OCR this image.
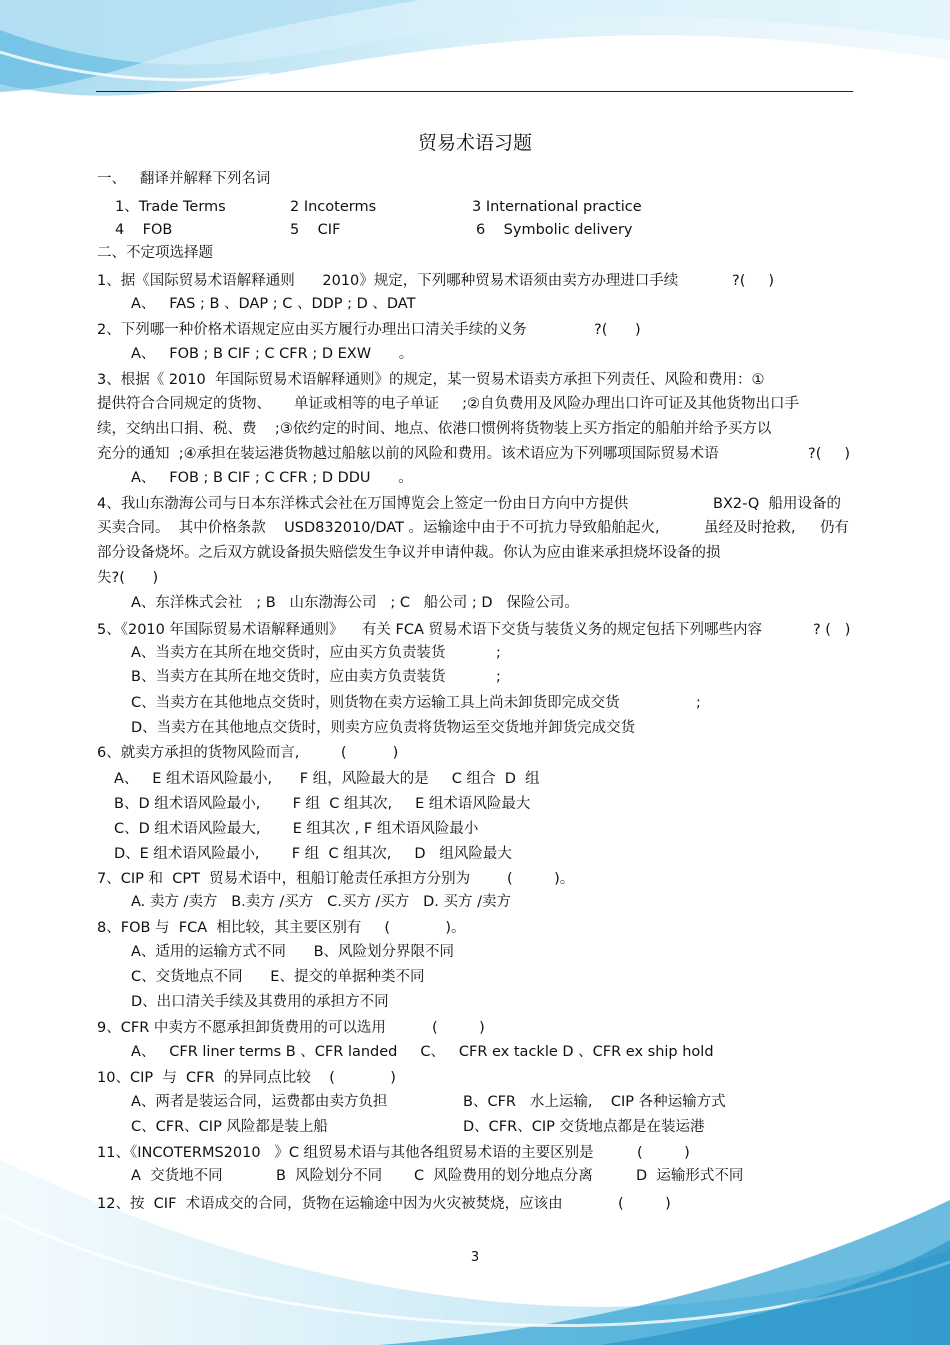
贸易术语习题
一、   翻译并解释下列名词
1、Trade Terms	2 Incoterms	3 International practice
4    FOB	5    CIF	6    Symbolic delivery
二、不定项选择题
1、据《国际贸易术语解释通则      2010》规定，下列哪种贸易术语须由卖方办理进口手续	?(     )
A、   FAS ; B 、DAP ; C 、DDP ; D 、DAT
2、下列哪一种价格术语规定应由买方履行办理出口清关手续的义务	?(      )
A、   FOB ; B CIF ; C CFR ; D EXW      。
3、根据《 2010  年国际贸易术语解释通则》的规定，某一贸易术语卖方承担下列责任、风险和费用：①
提供符合合同规定的货物、     单证或相等的电子单证     ;②自负费用及风险办理出口许可证及其他货物出口手
续，交纳出口捐、税、费    ;③依约定的时间、地点、依港口惯例将货物装上买方指定的船舶并给予买方以
充分的通知  ;④承担在装运港货物越过船舷以前的风险和费用。该术语应为下列哪项国际贸易术语	?(     )
A、   FOB ; B CIF ; C CFR ; D DDU      。
4、我山东渤海公司与日本东洋株式会社在万国博览会上签定一份由日方向中方提供	BX2-Q  船用设备的
买卖合同。  其中价格条款    USD832010/DAT 。运输途中由于不可抗力导致船舶起火,	虽经及时抢救, 仍有
部分设备烧坏。之后双方就设备损失赔偿发生争议并申请仲裁。你认为应由谁来承担烧坏设备的损
失?(      )
A、东洋株式会社   ; B   山东渤海公司   ; C   船公司 ; D   保险公司。
5、《2010 年国际贸易术语解释通则》    有关 FCA 贸易术语下交货与装货义务的规定包括下列哪些内容	? (   )
A、当卖方在其所在地交货时，应由买方负责装货	;
B、当卖方在其所在地交货时，应由卖方负责装货	;
C、当卖方在其他地点交货时，则货物在卖方运输工具上尚未卸货即完成交货	;
D、当卖方在其他地点交货时，则卖方应负责将货物运至交货地并卸货完成交货
6、就卖方承担的货物风险而言,         (          )
A、   E 组术语风险最小,      F 组，风险最大的是     C 组合  D  组
B、D 组术语风险最小,       F 组  C 组其次,     E 组术语风险最大
C、D 组术语风险最大,       E 组其次 , F 组术语风险最小
D、E 组术语风险最小,       F 组  C 组其次,     D   组风险最大
7、CIP 和  CPT  贸易术语中，租船订舱责任承担方分别为        (         )。
A. 卖方 /卖方   B.卖方 /买方   C.买方 /买方   D. 买方 /卖方
8、FOB 与  FCA  相比较，其主要区别有     (            )。
A、适用的运输方式不同      B、风险划分界限不同
C、交货地点不同      E、提交的单据种类不同
D、出口清关手续及其费用的承担方不同
9、CFR 中卖方不愿承担卸货费用的可以选用          (         )
A、   CFR liner terms B 、CFR landed     C、   CFR ex tackle D 、CFR ex ship hold
10、CIP  与  CFR  的异同点比较    (            )
A、两者是装运合同，运费都由卖方负担	B、CFR   水上运输,    CIP 各种运输方式
C、CFR、CIP 风险都是装上船	D、CFR、CIP 交货地点都是在装运港
11、《INCOTERMS2010   》C 组贸易术语与其他各组贸易术语的主要区别是	(         )
A  交货地不同	B  风险划分不同 C  风险费用的划分地点分离	D  运输形式不同
12、按  CIF  术语成交的合同，货物在运输途中因为火灾被焚烧，应该由	(         )
3
